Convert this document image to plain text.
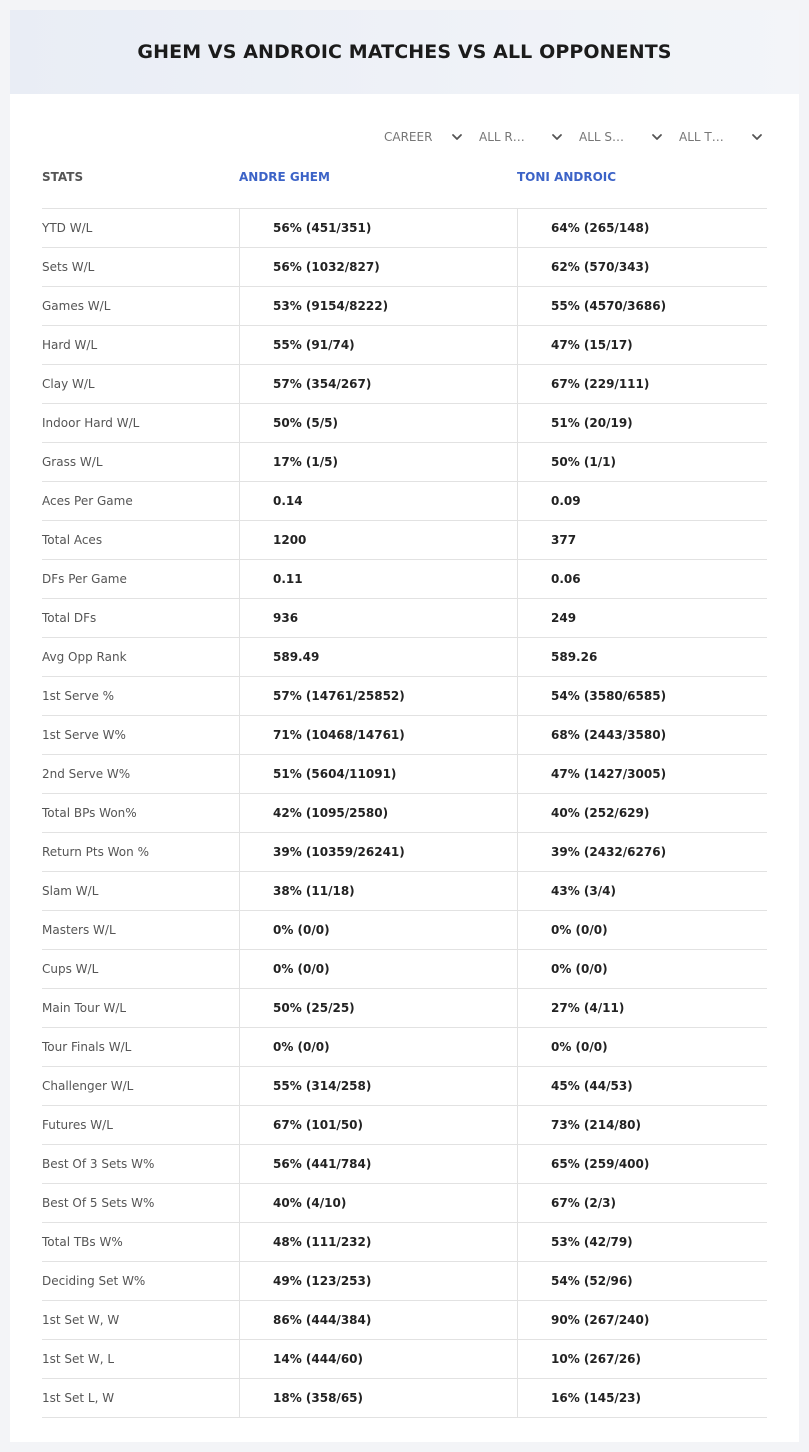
GHEM VS ANDROIC MATCHES VS ALL OPPONENTS
CAREER	ALL R…	ALL S…	ALL T…
STATS	ANDRE GHEM	TONI ANDROIC
YTD W/L	56% (451/351)	64% (265/148)
Sets W/L	56% (1032/827)	62% (570/343)
Games W/L	53% (9154/8222)	55% (4570/3686)
Hard W/L	55% (91/74)	47% (15/17)
Clay W/L	57% (354/267)	67% (229/111)
Indoor Hard W/L	50% (5/5)	51% (20/19)
Grass W/L	17% (1/5)	50% (1/1)
Aces Per Game	0.14	0.09
Total Aces	1200	377
DFs Per Game	0.11	0.06
Total DFs	936	249
Avg Opp Rank	589.49	589.26
1st Serve %	57% (14761/25852)	54% (3580/6585)
1st Serve W%	71% (10468/14761)	68% (2443/3580)
2nd Serve W%	51% (5604/11091)	47% (1427/3005)
Total BPs Won%	42% (1095/2580)	40% (252/629)
Return Pts Won %	39% (10359/26241)	39% (2432/6276)
Slam W/L	38% (11/18)	43% (3/4)
Masters W/L	0% (0/0)	0% (0/0)
Cups W/L	0% (0/0)	0% (0/0)
Main Tour W/L	50% (25/25)	27% (4/11)
Tour Finals W/L	0% (0/0)	0% (0/0)
Challenger W/L	55% (314/258)	45% (44/53)
Futures W/L	67% (101/50)	73% (214/80)
Best Of 3 Sets W%	56% (441/784)	65% (259/400)
Best Of 5 Sets W%	40% (4/10)	67% (2/3)
Total TBs W%	48% (111/232)	53% (42/79)
Deciding Set W%	49% (123/253)	54% (52/96)
1st Set W, W	86% (444/384)	90% (267/240)
1st Set W, L	14% (444/60)	10% (267/26)
1st Set L, W	18% (358/65)	16% (145/23)
